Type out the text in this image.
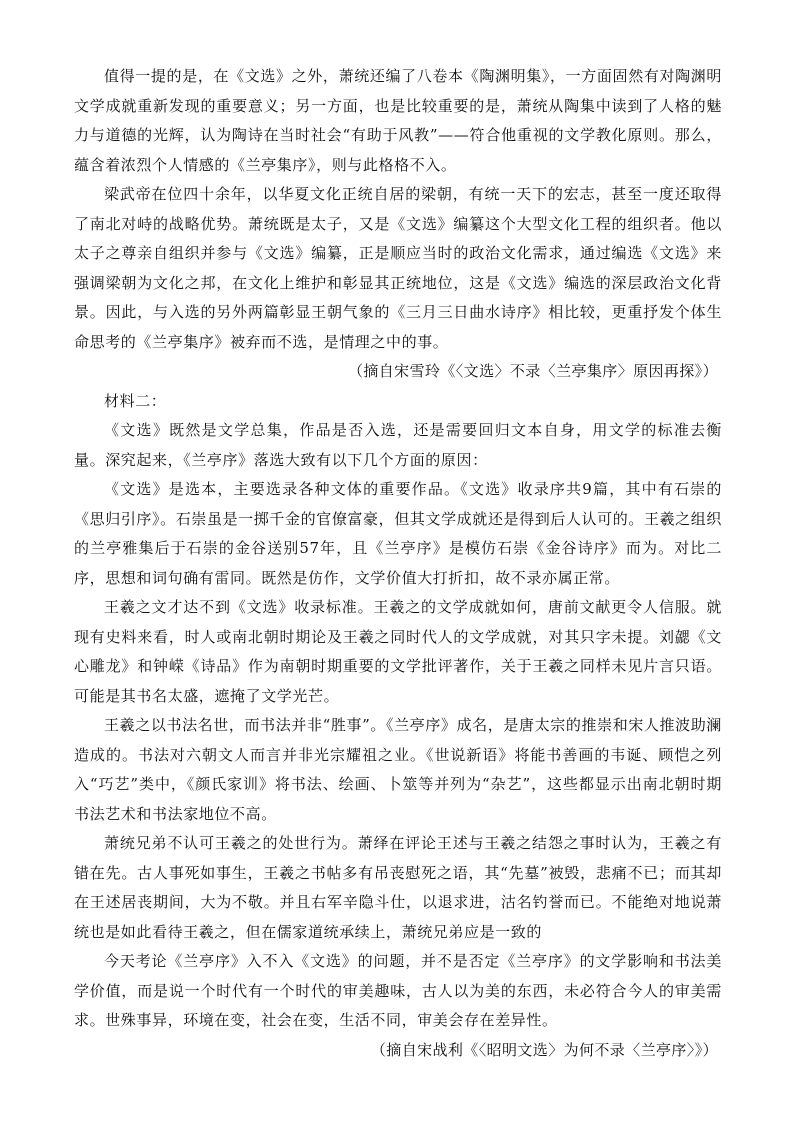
值得一提的是，在《文选》之外，萧统还编了八卷本《陶渊明集》，一方面固然有对陶渊明文学成就重新发现的重要意义；另一方面，也是比较重要的是，萧统从陶集中读到了人格的魅力与道德的光辉，认为陶诗在当时社会“有助于风教”——符合他重视的文学教化原则。那么，蕴含着浓烈个人情感的《兰亭集序》，则与此格格不入。

梁武帝在位四十余年，以华夏文化正统自居的梁朝，有统一天下的宏志，甚至一度还取得了南北对峙的战略优势。萧统既是太子，又是《文选》编纂这个大型文化工程的组织者。他以太子之尊亲自组织并参与《文选》编纂，正是顺应当时的政治文化需求，通过编选《文选》来强调梁朝为文化之邦，在文化上维护和彰显其正统地位，这是《文选》编选的深层政治文化背景。因此，与入选的另外两篇彰显王朝气象的《三月三日曲水诗序》相比较，更重抒发个体生命思考的《兰亭集序》被弃而不选，是情理之中的事。

（摘自宋雪玲《〈文选〉不录〈兰亭集序〉原因再探》）

材料二：

《文选》既然是文学总集，作品是否入选，还是需要回归文本自身，用文学的标准去衡量。深究起来，《兰亭序》落选大致有以下几个方面的原因：

《文选》是选本，主要选录各种文体的重要作品。《文选》收录序共9篇，其中有石崇的《思归引序》。石崇虽是一掷千金的官僚富豪，但其文学成就还是得到后人认可的。王羲之组织的兰亭雅集后于石崇的金谷送别57年，且《兰亭序》是模仿石崇《金谷诗序》而为。对比二序，思想和词句确有雷同。既然是仿作，文学价值大打折扣，故不录亦属正常。

王羲之文才达不到《文选》收录标准。王羲之的文学成就如何，唐前文献更令人信服。就现有史料来看，时人或南北朝时期论及王羲之同时代人的文学成就，对其只字未提。刘勰《文心雕龙》和钟嵘《诗品》作为南朝时期重要的文学批评著作，关于王羲之同样未见片言只语。可能是其书名太盛，遮掩了文学光芒。

王羲之以书法名世，而书法并非“胜事”。《兰亭序》成名，是唐太宗的推崇和宋人推波助澜造成的。书法对六朝文人而言并非光宗耀祖之业。《世说新语》将能书善画的韦诞、顾恺之列入“巧艺”类中，《颜氏家训》将书法、绘画、卜筮等并列为“杂艺”，这些都显示出南北朝时期书法艺术和书法家地位不高。

萧统兄弟不认可王羲之的处世行为。萧绎在评论王述与王羲之结怨之事时认为，王羲之有错在先。古人事死如事生，王羲之书帖多有吊丧慰死之语，其“先墓”被毁，悲痛不已；而其却在王述居丧期间，大为不敬。并且右军辛隐斗仕，以退求进，沽名钓誉而已。不能绝对地说萧统也是如此看待王羲之，但在儒家道统承续上，萧统兄弟应是一致的

今天考论《兰亭序》入不入《文选》的问题，并不是否定《兰亭序》的文学影响和书法美学价值，而是说一个时代有一个时代的审美趣味，古人以为美的东西，未必符合今人的审美需求。世殊事异，环境在变，社会在变，生活不同，审美会存在差异性。

（摘自宋战利《〈昭明文选〉为何不录〈兰亭序〉》）
